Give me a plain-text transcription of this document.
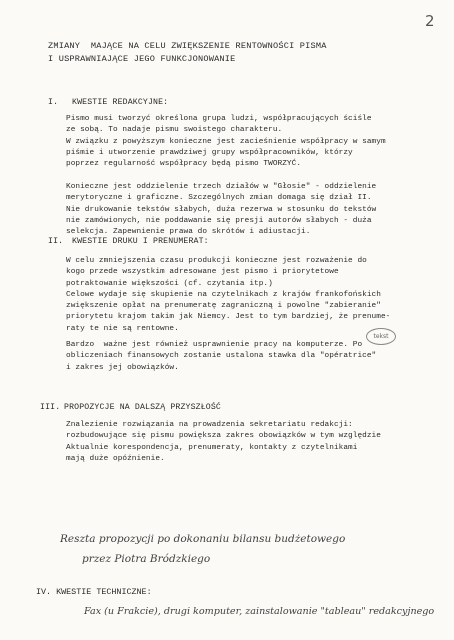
2
ZMIANY  MAJĄCE NA CELU ZWIĘKSZENIE RENTOWNOŚCI PISMA
I USPRAWNIAJĄCE JEGO FUNKCJONOWANIE
I. KWESTIE REDAKCYJNE:
Pismo musi tworzyć określona grupa ludzi, współpracujących ściśle
ze sobą. To nadaje pismu swoistego charakteru.
W związku z powyższym konieczne jest zacieśnienie współpracy w samym
piśmie i utworzenie prawdziwej grupy współpracowników, którzy
poprzez regularność współpracy będą pismo TWORZYĆ.
Konieczne jest oddzielenie trzech działów w "Głosie" - oddzielenie
merytoryczne i graficzne. Szczególnych zmian domaga się dział II.
Nie drukowanie tekstów słabych, duża rezerwa w stosunku do tekstów
nie zamówionych, nie poddawanie się presji autorów słabych - duża
selekcja. Zapewnienie prawa do skrótów i adiustacji.
II. KWESTIE DRUKU I PRENUMERAT:
W celu zmniejszenia czasu produkcji konieczne jest rozważenie do
kogo przede wszystkim adresowane jest pismo i priorytetowe
potraktowanie większości (cf. czytania itp.)
Celowe wydaje się skupienie na czytelnikach z krajów frankofońskich
zwiększenie opłat na prenumeratę zagraniczną i powolne "zabieranie"
priorytetu krajom takim jak Niemcy. Jest to tym bardziej, że prenume-
raty te nie są rentowne.
tekst
Bardzo  ważne jest również usprawnienie pracy na komputerze. Po
obliczeniach finansowych zostanie ustalona stawka dla "opératrice"
i zakres jej obowiązków.
III. PROPOZYCJE NA DALSZĄ PRZYSZŁOŚĆ
Znalezienie rozwiązania na prowadzenia sekretariatu redakcji:
rozbudowujące się pismu powiększa zakres obowiązków w tym względzie
Aktualnie korespondencja, prenumeraty, kontakty z czytelnikami
mają duże opóźnienie.
Reszta propozycji po dokonaniu bilansu budżetowego
przez Piotra Bródzkiego
IV. KWESTIE TECHNICZNE:
Fax (u Frakcie), drugi komputer, zainstalowanie "tableau" redakcyjnego
